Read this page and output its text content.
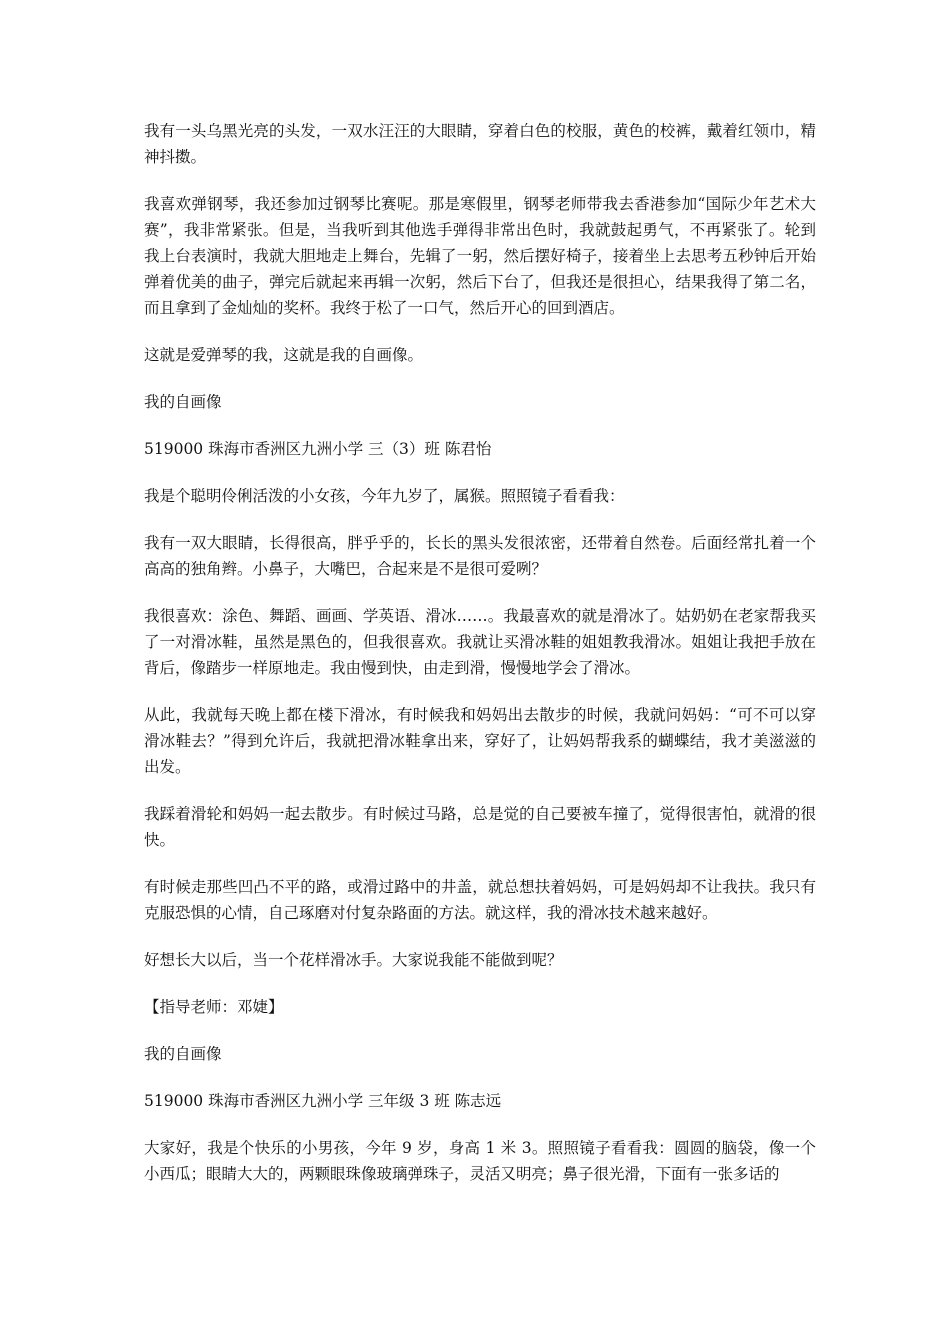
我有一头乌黑光亮的头发，一双水汪汪的大眼睛，穿着白色的校服，黄色的校裤，戴着红领巾，精神抖擞。

我喜欢弹钢琴，我还参加过钢琴比赛呢。那是寒假里，钢琴老师带我去香港参加“国际少年艺术大赛”，我非常紧张。但是，当我听到其他选手弹得非常出色时，我就鼓起勇气，不再紧张了。轮到我上台表演时，我就大胆地走上舞台，先辑了一躬，然后摆好椅子，接着坐上去思考五秒钟后开始弹着优美的曲子，弹完后就起来再辑一次躬，然后下台了，但我还是很担心，结果我得了第二名，而且拿到了金灿灿的奖杯。我终于松了一口气，然后开心的回到酒店。

这就是爱弹琴的我，这就是我的自画像。

我的自画像

519000 珠海市香洲区九洲小学 三（3）班 陈君怡

我是个聪明伶俐活泼的小女孩，今年九岁了，属猴。照照镜子看看我：

我有一双大眼睛，长得很高，胖乎乎的，长长的黑头发很浓密，还带着自然卷。后面经常扎着一个高高的独角辫。小鼻子，大嘴巴，合起来是不是很可爱咧？

我很喜欢：涂色、舞蹈、画画、学英语、滑冰……。我最喜欢的就是滑冰了。姑奶奶在老家帮我买了一对滑冰鞋，虽然是黑色的，但我很喜欢。我就让买滑冰鞋的姐姐教我滑冰。姐姐让我把手放在背后，像踏步一样原地走。我由慢到快，由走到滑，慢慢地学会了滑冰。

从此，我就每天晚上都在楼下滑冰，有时候我和妈妈出去散步的时候，我就问妈妈：“可不可以穿滑冰鞋去？”得到允许后，我就把滑冰鞋拿出来，穿好了，让妈妈帮我系的蝴蝶结，我才美滋滋的出发。

我踩着滑轮和妈妈一起去散步。有时候过马路，总是觉的自己要被车撞了，觉得很害怕，就滑的很快。

有时候走那些凹凸不平的路，或滑过路中的井盖，就总想扶着妈妈，可是妈妈却不让我扶。我只有克服恐惧的心情，自己琢磨对付复杂路面的方法。就这样，我的滑冰技术越来越好。

好想长大以后，当一个花样滑冰手。大家说我能不能做到呢？

【指导老师：邓婕】

我的自画像

519000 珠海市香洲区九洲小学 三年级 3 班 陈志远

大家好，我是个快乐的小男孩，今年 9 岁，身高 1 米 3。照照镜子看看我：圆圆的脑袋，像一个小西瓜；眼睛大大的，两颗眼珠像玻璃弹珠子，灵活又明亮；鼻子很光滑，下面有一张多话的
